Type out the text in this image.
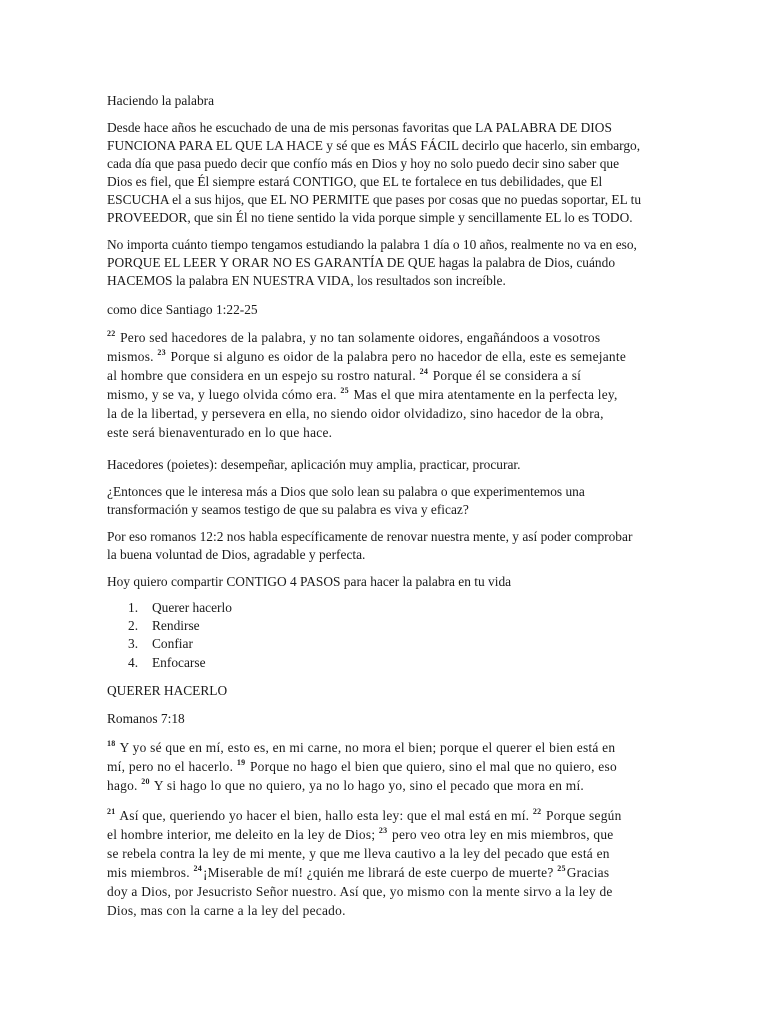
Haciendo la palabra

Desde hace años he escuchado de una de mis personas favoritas que LA PALABRA DE DIOS

FUNCIONA PARA EL QUE LA HACE y sé que es MÁS FÁCIL decirlo que hacerlo, sin embargo,

cada día que pasa puedo decir que confío más en Dios y hoy no solo puedo decir sino saber que

Dios es fiel, que Él siempre estará CONTIGO, que EL te fortalece en tus debilidades, que El

ESCUCHA el a sus hijos, que EL NO PERMITE que pases por cosas que no puedas soportar, EL tu

PROVEEDOR, que sin Él no tiene sentido la vida porque simple y sencillamente EL lo es TODO.

No importa cuánto tiempo tengamos estudiando la palabra 1 día o 10 años, realmente no va en eso,

PORQUE EL LEER Y ORAR NO ES GARANTÍA DE QUE hagas la palabra de Dios, cuándo

HACEMOS la palabra EN NUESTRA VIDA, los resultados son increíble.

como dice Santiago 1:22-25

$^{22}$ Pero sed hacedores de la palabra, y no tan solamente oidores, engañándoos a vosotros

mismos. $^{23}$ Porque si alguno es oidor de la palabra pero no hacedor de ella, este es semejante

al hombre que considera en un espejo su rostro natural. $^{24}$ Porque él se considera a sí

mismo, y se va, y luego olvida cómo era. $^{25}$ Mas el que mira atentamente en la perfecta ley,

la de la libertad, y persevera en ella, no siendo oidor olvidadizo, sino hacedor de la obra,

este será bienaventurado en lo que hace.

Hacedores (poietes): desempeñar, aplicación muy amplia, practicar, procurar.

¿Entonces que le interesa más a Dios que solo lean su palabra o que experimentemos una

transformación y seamos testigo de que su palabra es viva y eficaz?

Por eso romanos 12:2 nos habla específicamente de renovar nuestra mente, y así poder comprobar

la buena voluntad de Dios, agradable y perfecta.

Hoy quiero compartir CONTIGO 4 PASOS para hacer la palabra en tu vida

1. Querer hacerlo
2. Rendirse
3. Confiar
4. Enfocarse

QUERER HACERLO

Romanos 7:18

$^{18}$ Y yo sé que en mí, esto es, en mi carne, no mora el bien; porque el querer el bien está en

mí, pero no el hacerlo. $^{19}$ Porque no hago el bien que quiero, sino el mal que no quiero, eso

hago. $^{20}$ Y si hago lo que no quiero, ya no lo hago yo, sino el pecado que mora en mí.

$^{21}$ Así que, queriendo yo hacer el bien, hallo esta ley: que el mal está en mí. $^{22}$ Porque según

el hombre interior, me deleito en la ley de Dios; $^{23}$ pero veo otra ley en mis miembros, que

se rebela contra la ley de mi mente, y que me lleva cautivo a la ley del pecado que está en

mis miembros. $^{24}$¡Miserable de mí! ¿quién me librará de este cuerpo de muerte? $^{25}$Gracias

doy a Dios, por Jesucristo Señor nuestro. Así que, yo mismo con la mente sirvo a la ley de

Dios, mas con la carne a la ley del pecado.
